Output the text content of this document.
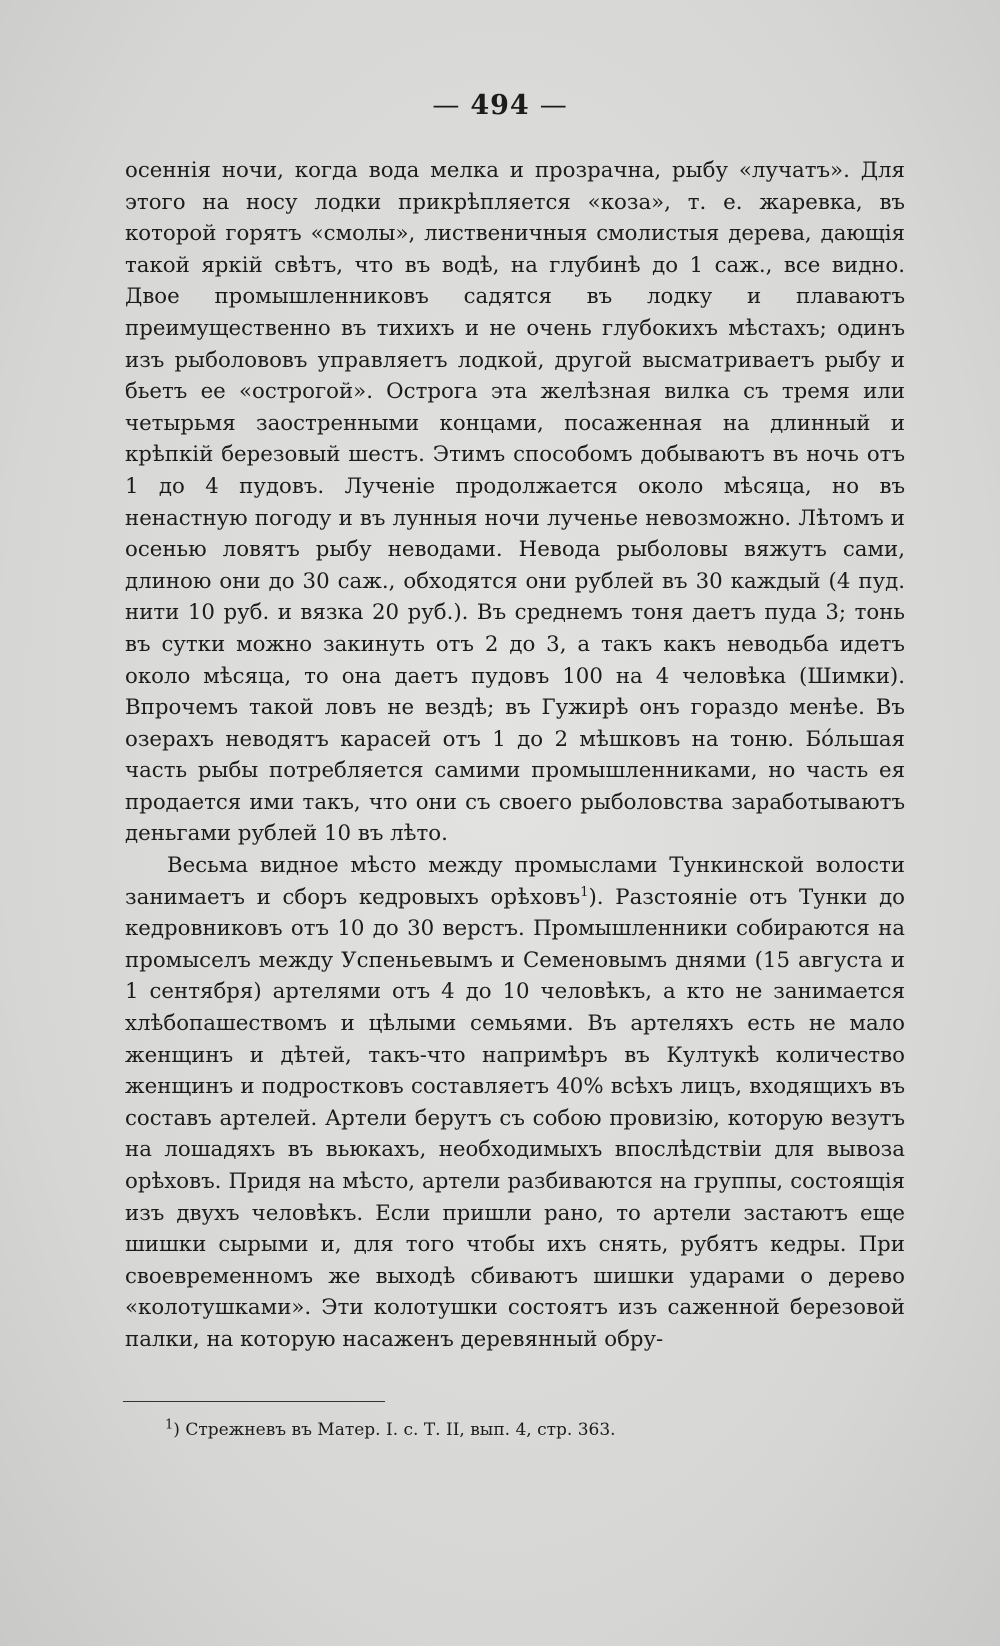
— 494 —

осеннія ночи, когда вода мелка и прозрачна, рыбу «лучатъ». Для этого на носу лодки прикрѣпляется «коза», т. е. жаревка, въ которой горятъ «смолы», лиственичныя смолистыя дерева, дающія такой яркій свѣтъ, что въ водѣ, на глубинѣ до 1 саж., все видно. Двое промышленниковъ садятся въ лодку и плаваютъ преимущественно въ тихихъ и не очень глубокихъ мѣстахъ; одинъ изъ рыболововъ управляетъ лодкой, другой высматриваетъ рыбу и бьетъ ее «острогой». Острога эта желѣзная вилка съ тремя или четырьмя заостренными концами, посаженная на длинный и крѣпкій березовый шестъ. Этимъ способомъ добываютъ въ ночь отъ 1 до 4 пудовъ. Лученіе продолжается около мѣсяца, но въ ненастную погоду и въ лунныя ночи лученье невозможно. Лѣтомъ и осенью ловятъ рыбу неводами. Невода рыболовы вяжутъ сами, длиною они до 30 саж., обходятся они рублей въ 30 каждый (4 пуд. нити 10 руб. и вязка 20 руб.). Въ среднемъ тоня даетъ пуда 3; тонь въ сутки можно закинуть отъ 2 до 3, а такъ какъ неводьба идетъ около мѣсяца, то она даетъ пудовъ 100 на 4 человѣка (Шимки). Впрочемъ такой ловъ не вездѣ; въ Гужирѣ онъ гораздо менѣе. Въ озерахъ неводятъ карасей отъ 1 до 2 мѣшковъ на тоню. Бо́льшая часть рыбы потребляется самими промышленниками, но часть ея продается ими такъ, что они съ своего рыболовства заработываютъ деньгами рублей 10 въ лѣто.

Весьма видное мѣсто между промыслами Тункинской волости занимаетъ и сборъ кедровыхъ орѣховъ$^1$). Разстояніе отъ Тунки до кедровниковъ отъ 10 до 30 верстъ. Промышленники собираются на промыселъ между Успеньевымъ и Семеновымъ днями (15 августа и 1 сентября) артелями отъ 4 до 10 человѣкъ, а кто не занимается хлѣбопашествомъ и цѣлыми семьями. Въ артеляхъ есть не мало женщинъ и дѣтей, такъ-что напримѣръ въ Култукѣ количество женщинъ и подростковъ составляетъ 40% всѣхъ лицъ, входящихъ въ составъ артелей. Артели берутъ съ собою провизію, которую везутъ на лошадяхъ въ вьюкахъ, необходимыхъ впослѣдствіи для вывоза орѣховъ. Придя на мѣсто, артели разбиваются на группы, состоящія изъ двухъ человѣкъ. Если пришли рано, то артели застаютъ еще шишки сырыми и, для того чтобы ихъ снять, рубятъ кедры. При своевременномъ же выходѣ сбиваютъ шишки ударами о дерево «колотушками». Эти колотушки состоятъ изъ саженной березовой палки, на которую насаженъ деревянный обру-

$^1$) Стрежневъ въ Матер. I. с. Т. II, вып. 4, стр. 363.
